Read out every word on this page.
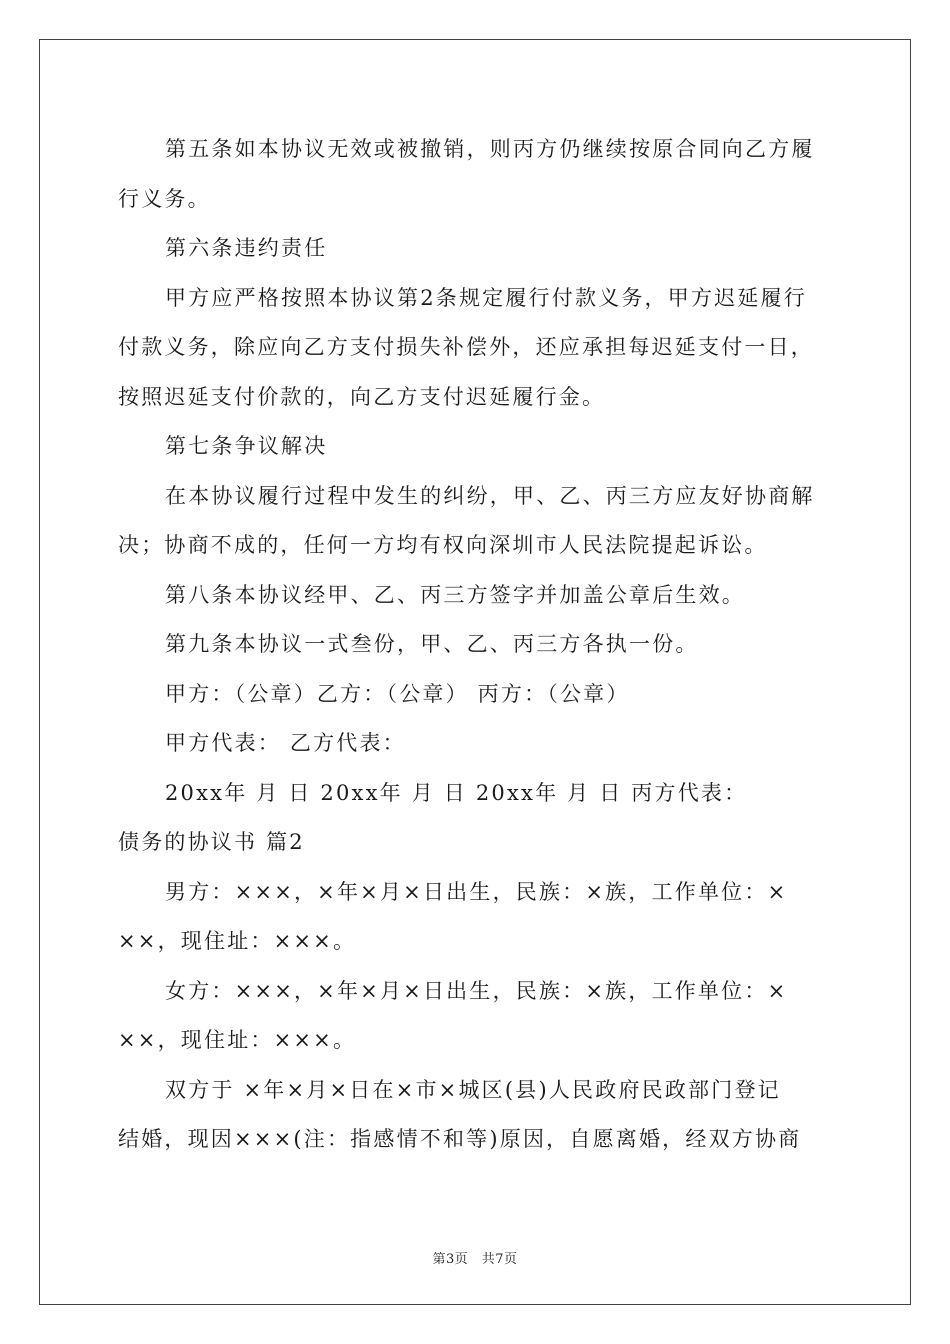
第五条如本协议无效或被撤销，则丙方仍继续按原合同向乙方履
行义务。
第六条违约责任
甲方应严格按照本协议第2条规定履行付款义务，甲方迟延履行
付款义务，除应向乙方支付损失补偿外，还应承担每迟延支付一日，
按照迟延支付价款的，向乙方支付迟延履行金。
第七条争议解决
在本协议履行过程中发生的纠纷，甲、乙、丙三方应友好协商解
决；协商不成的，任何一方均有权向深圳市人民法院提起诉讼。
第八条本协议经甲、乙、丙三方签字并加盖公章后生效。
第九条本协议一式叁份，甲、乙、丙三方各执一份。
甲方：（公章）乙方：（公章） 丙方：（公章）
甲方代表： 乙方代表：
20xx年 月 日 20xx年 月 日 20xx年 月 日 丙方代表：
债务的协议书 篇2
男方：×××，×年×月×日出生，民族：×族，工作单位：×
××，现住址：×××。
女方：×××，×年×月×日出生，民族：×族，工作单位：×
××，现住址：×××。
双方于 ×年×月×日在×市×城区(县)人民政府民政部门登记
结婚，现因×××(注：指感情不和等)原因，自愿离婚，经双方协商
第3页　共7页
